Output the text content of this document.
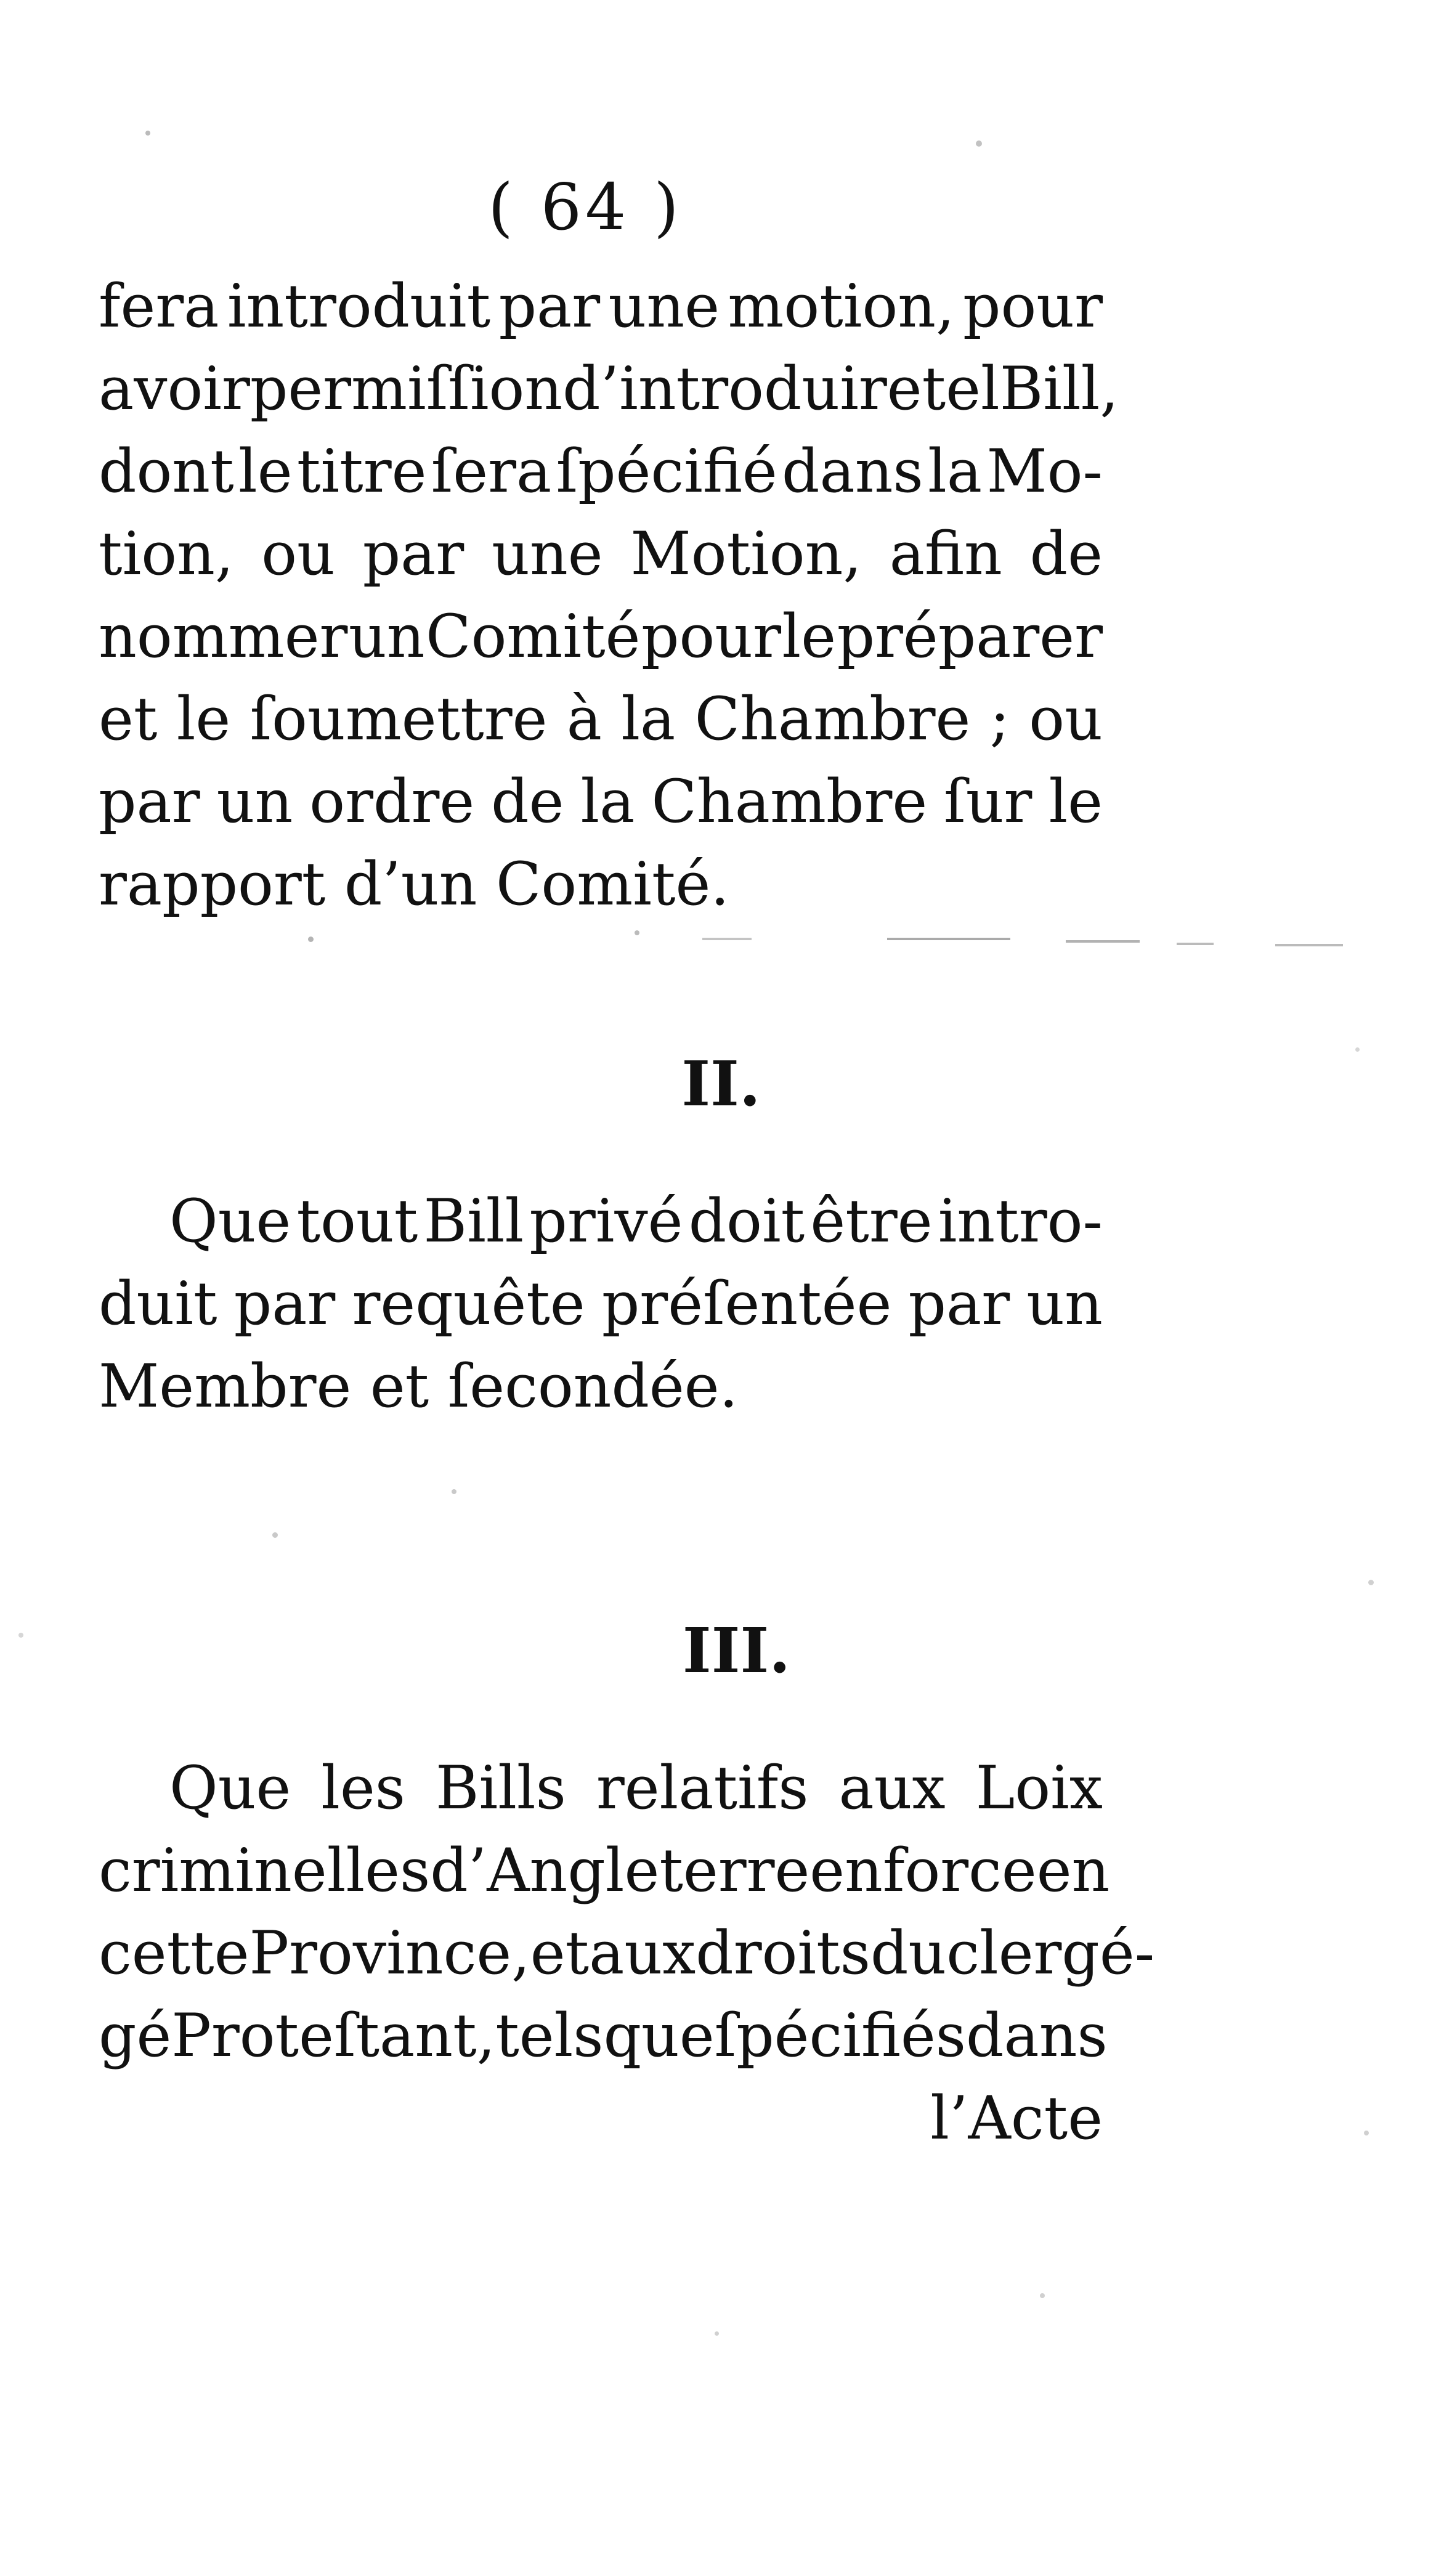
( 64 )
fera introduit par une motion, pour
avoir permiſſion d’introduire tel Bill,
dont le titre ſera ſpécifié dans la Mo-
tion, ou par une Motion, afin de
nommer un Comité pour le préparer
et le ſoumettre à la Chambre ; ou
par un ordre de la Chambre ſur le
rapport d’un Comité.
II.
Que tout Bill privé doit être intro-
duit par requête préſentée par un
Membre et ſecondée.
III.
Que les Bills relatifs aux Loix
criminelles d’Angleterre en force en
cette Province, et aux droits du clergé-
gé Proteſtant, tels que ſpécifiés dans
l’Acte
